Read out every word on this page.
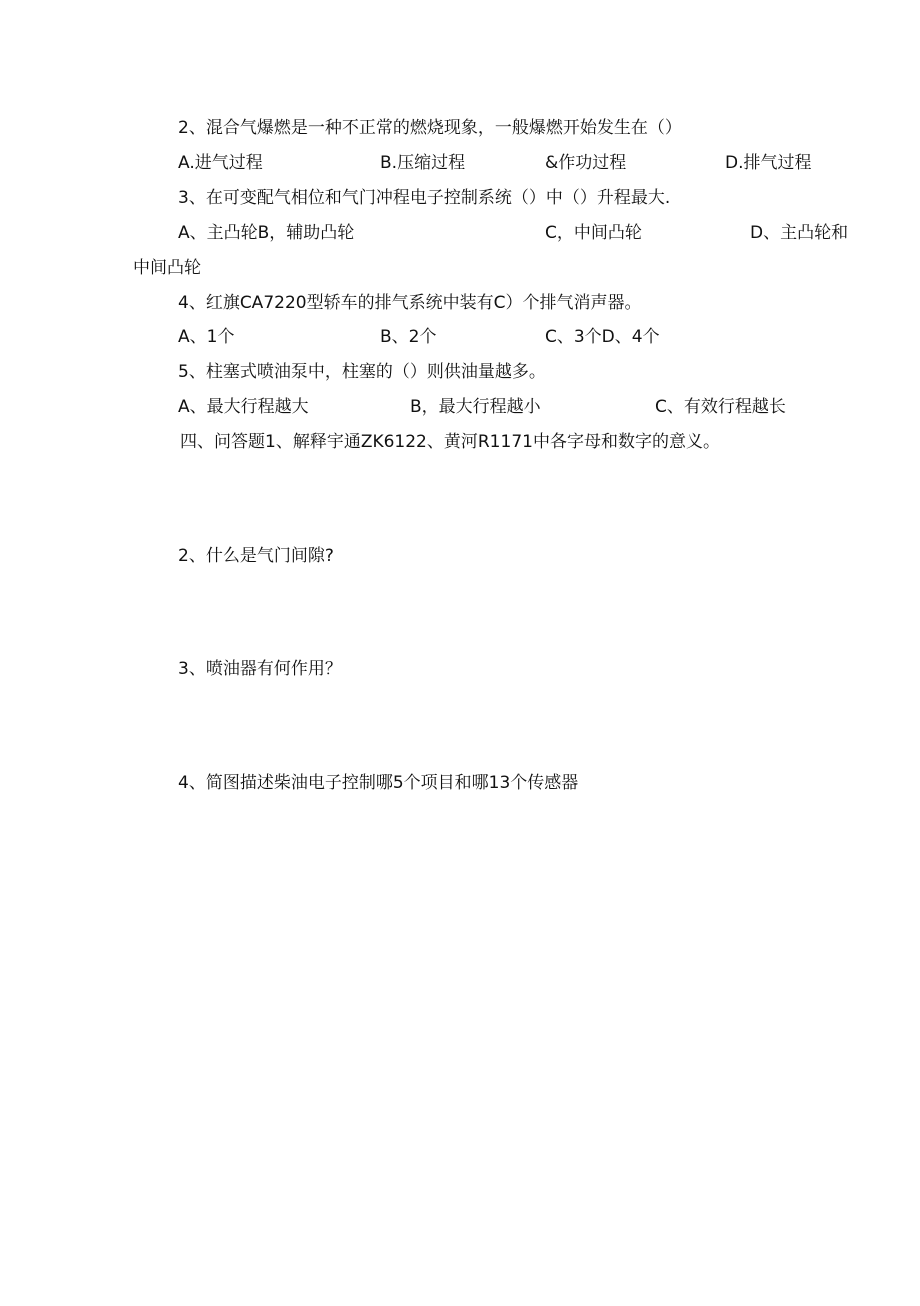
2、混合气爆燃是一种不正常的燃烧现象，一般爆燃开始发生在（）
A.进气过程	B.压缩过程	&作功过程	D.排气过程
3、在可变配气相位和气门冲程电子控制系统（）中（）升程最大.
A、主凸轮B，辅助凸轮	C，中间凸轮	D、主凸轮和
中间凸轮
4、红旗CA7220型轿车的排气系统中装有C）个排气消声器。
A、1个	B、2个	C、3个D、4个
5、柱塞式喷油泵中，柱塞的（）则供油量越多。
A、最大行程越大	B，最大行程越小	C、有效行程越长
四、问答题1、解释宇通ZK6122、黄河R1171中各字母和数字的意义。
2、什么是气门间隙?
3、喷油器有何作用？
4、简图描述柴油电子控制哪5个项目和哪13个传感器
